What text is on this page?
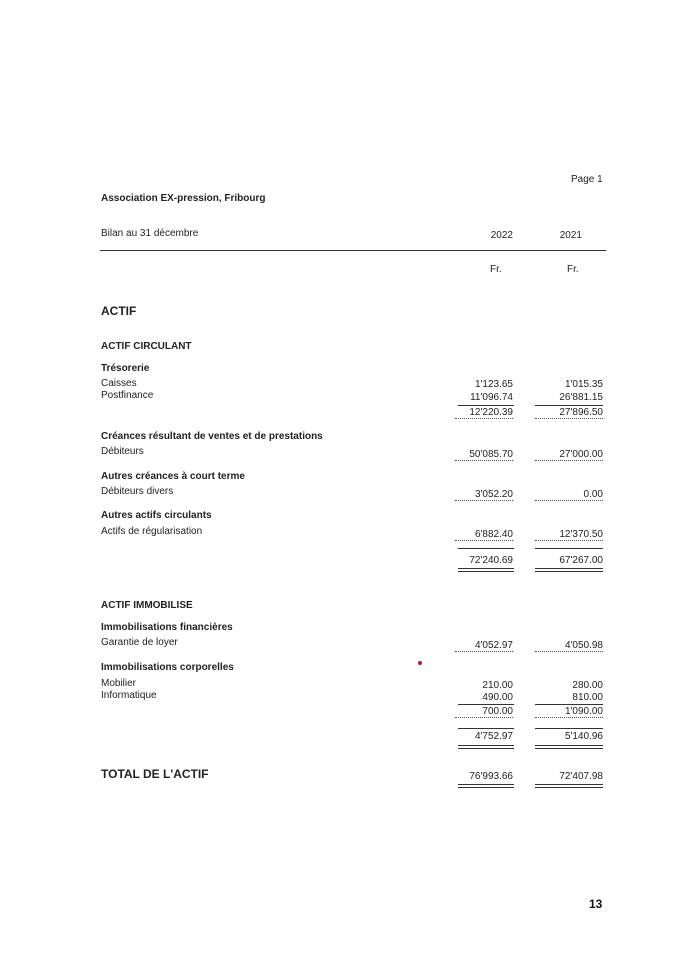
Page 1
Association EX-pression, Fribourg
Bilan au 31 décembre	2022	2021
Fr.	Fr.
ACTIF
ACTIF CIRCULANT
Trésorerie
Caisses	1'123.65	1'015.35
Postfinance	11'096.74	26'881.15
12'220.39	27'896.50
Créances résultant de ventes et de prestations
Débiteurs	50'085.70	27'000.00
Autres créances à court terme
Débiteurs divers	3'052.20	0.00
Autres actifs circulants
Actifs de régularisation	6'882.40	12'370.50
72'240.69	67'267.00
ACTIF IMMOBILISE
Immobilisations financières
Garantie de loyer	4'052.97	4'050.98
Immobilisations corporelles
Mobilier	210.00	280.00
Informatique	490.00	810.00
700.00	1'090.00
4'752.97	5'140.96
TOTAL DE L'ACTIF	76'993.66	72'407.98
13
